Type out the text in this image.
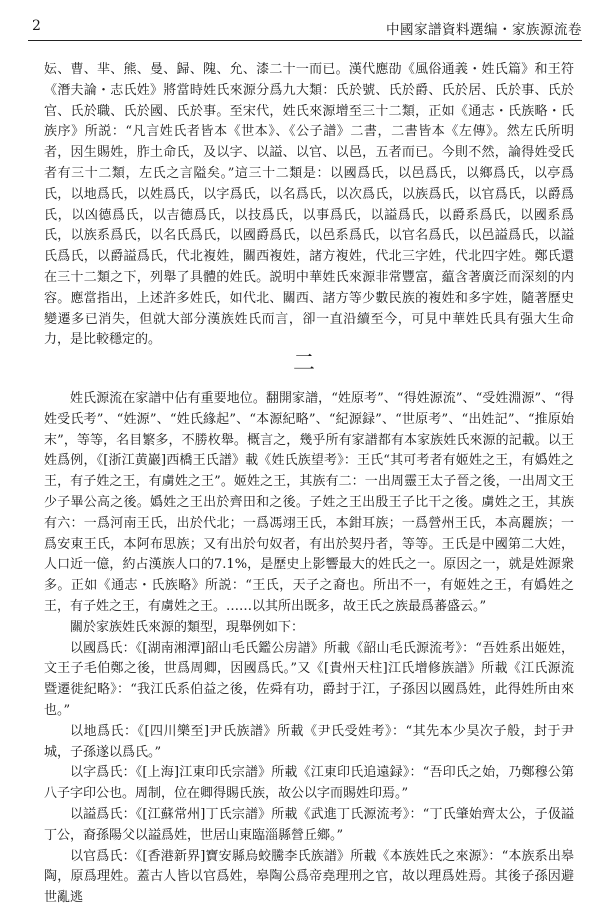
2	中國家譜資料選编・家族源流卷

妘、曹、芈、熊、曼、歸、隗、允、漆二十一而已。漢代應劭《風俗通義・姓氏篇》和王符《潛夫論・志氏姓》將當時姓氏來源分爲九大類：氏於號、氏於爵、氏於居、氏於事、氏於官、氏於職、氏於國、氏於事。至宋代，姓氏來源增至三十二類，正如《通志・氏族略・氏族序》所説：“凡言姓氏者皆本《世本》、《公子譜》二書，二書皆本《左傳》。然左氏所明者，因生賜姓，胙土命氏，及以字、以謚、以官、以邑，五者而已。今則不然，論得姓受氏者有三十二類，左氏之言隘矣。”這三十二類是：以國爲氏，以邑爲氏，以鄉爲氏，以亭爲氏，以地爲氏，以姓爲氏，以字爲氏，以名爲氏，以次爲氏，以族爲氏，以官爲氏，以爵爲氏，以凶德爲氏，以吉德爲氏，以技爲氏，以事爲氏，以謚爲氏，以爵系爲氏，以國系爲氏，以族系爲氏，以名氏爲氏，以國爵爲氏，以邑系爲氏，以官名爲氏，以邑謚爲氏，以謚氏爲氏，以爵謚爲氏，代北複姓，關西複姓，諸方複姓，代北三字姓，代北四字姓。鄭氏還在三十二類之下，列舉了具體的姓氏。説明中華姓氏來源非常豐富，藴含著廣泛而深刻的内容。應當指出，上述許多姓氏，如代北、關西、諸方等少數民族的複姓和多字姓，隨著歷史變遷多已消失，但就大部分漢族姓氏而言，卻一直沿續至今，可見中華姓氏具有强大生命力，是比較穩定的。

二

姓氏源流在家譜中佔有重要地位。翻開家譜，“姓原考”、“得姓源流”、“受姓淵源”、“得姓受氏考”、“姓源”、“姓氏緣起”、“本源紀略”、“紀源録”、“世原考”、“出姓記”、“推原始末”，等等，名目繁多，不勝枚舉。概言之，幾乎所有家譜都有本家族姓氏來源的記載。以王姓爲例，《[浙江黄巖]西橋王氏譜》載《姓氏族望考》：王氏“其可考者有姬姓之王，有嬀姓之王，有子姓之王，有虜姓之王”。姬姓之王，其族有二：一出周靈王太子晉之後，一出周文王少子畢公高之後。嬀姓之王出於齊田和之後。子姓之王出殷王子比干之後。虜姓之王，其族有六：一爲河南王氏，出於代北；一爲馮翊王氏，本鉗耳族；一爲營州王氏，本高麗族；一爲安東王氏，本阿布思族；又有出於句奴者，有出於契丹者，等等。王氏是中國第二大姓，人口近一億，約占漢族人口的7.1%，是歷史上影響最大的姓氏之一。原因之一，就是姓源衆多。正如《通志・氏族略》所説：“王氏，天子之裔也。所出不一，有姬姓之王，有嬀姓之王，有子姓之王，有虜姓之王。……以其所出既多，故王氏之族最爲蕃盛云。”

關於家族姓氏來源的類型，現舉例如下：

以國爲氏：《[湖南湘潭]韶山毛氏鑑公房譜》所載《韶山毛氏源流考》：“吾姓系出姬姓，文王子毛伯鄭之後，世爲周卿，因國爲氏。”又《[貴州天柱]江氏增修族譜》所載《江氏源流暨遷徙紀略》：“我江氏系伯益之後，佐舜有功，爵封于江，子孫因以國爲姓，此得姓所由來也。”

以地爲氏：《[四川樂至]尹氏族譜》所載《尹氏受姓考》：“其先本少昊次子般，封于尹城，子孫遂以爲氏。”

以字爲氏：《[上海]江東印氏宗譜》所載《江東印氏追遠録》：“吾印氏之始，乃鄭穆公第八子字印公也。周制，位在卿得賜氏族，故公以字而賜姓印焉。”

以謚爲氏：《[江蘇常州]丁氏宗譜》所載《武進丁氏源流考》：“丁氏肇始齊太公，子伋謚丁公，裔孫陽父以謚爲姓，世居山東臨淄縣營丘鄉。”

以官爲氏：《[香港新界]寶安縣烏蛟騰李氏族譜》所載《本族姓氏之來源》：“本族系出皋陶，原爲理姓。蓋古人皆以官爲姓，皋陶公爲帝堯理刑之官，故以理爲姓焉。其後子孫因避世亂逃
